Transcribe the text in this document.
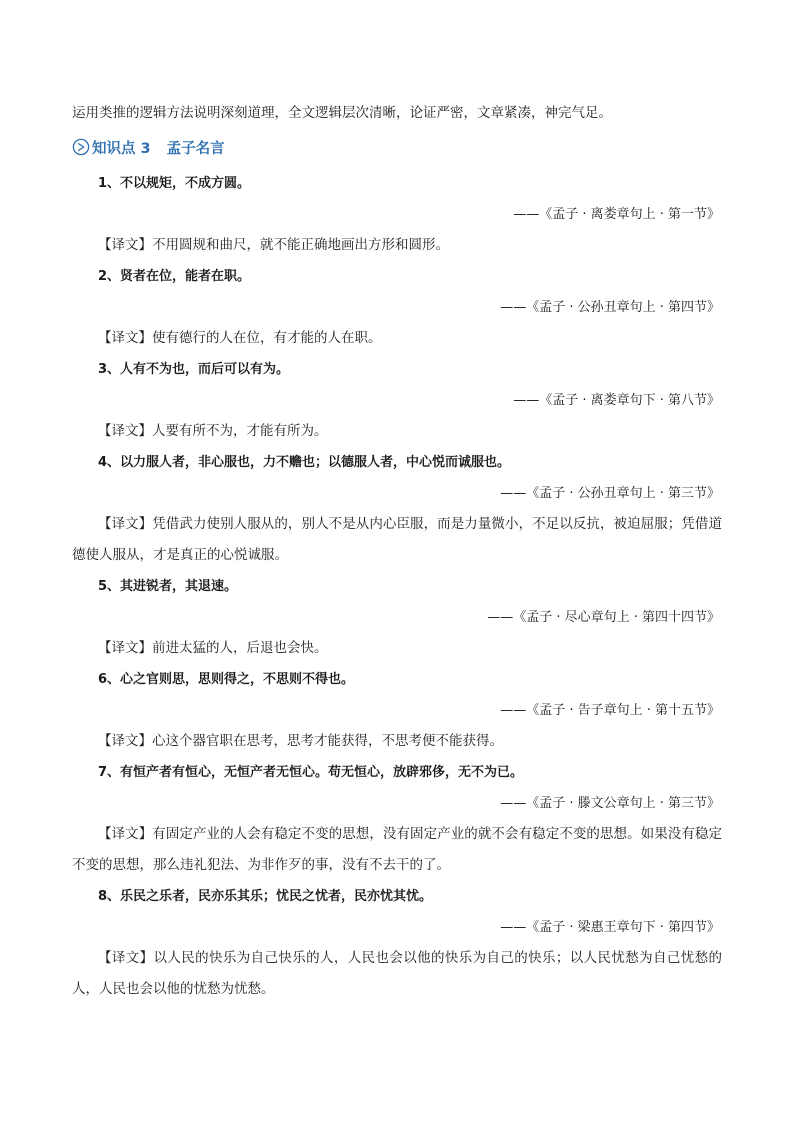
运用类推的逻辑方法说明深刻道理，全文逻辑层次清晰，论证严密，文章紧凑，神完气足。
知识点 3 孟子名言
1、不以规矩，不成方圆。
——《孟子 · 离娄章句上 · 第一节》
【译文】不用圆规和曲尺，就不能正确地画出方形和圆形。
2、贤者在位，能者在职。
——《孟子 · 公孙丑章句上 · 第四节》
【译文】使有德行的人在位，有才能的人在职。
3、人有不为也，而后可以有为。
——《孟子 · 离娄章句下 · 第八节》
【译文】人要有所不为，才能有所为。
4、以力服人者，非心服也，力不赡也；以德服人者，中心悦而诚服也。
——《孟子 · 公孙丑章句上 · 第三节》
【译文】凭借武力使别人服从的，别人不是从内心臣服，而是力量微小，不足以反抗，被迫屈服；凭借道德使人服从，才是真正的心悦诚服。
5、其进锐者，其退速。
——《孟子 · 尽心章句上 · 第四十四节》
【译文】前进太猛的人，后退也会快。
6、心之官则思，思则得之，不思则不得也。
——《孟子 · 告子章句上 · 第十五节》
【译文】心这个器官职在思考，思考才能获得，不思考便不能获得。
7、有恒产者有恒心，无恒产者无恒心。苟无恒心，放辟邪侈，无不为已。
——《孟子 · 滕文公章句上 · 第三节》
【译文】有固定产业的人会有稳定不变的思想，没有固定产业的就不会有稳定不变的思想。如果没有稳定不变的思想，那么违礼犯法、为非作歹的事，没有不去干的了。
8、乐民之乐者，民亦乐其乐；忧民之忧者，民亦忧其忧。
——《孟子 · 梁惠王章句下 · 第四节》
【译文】以人民的快乐为自己快乐的人，人民也会以他的快乐为自己的快乐；以人民忧愁为自己忧愁的人，人民也会以他的忧愁为忧愁。
